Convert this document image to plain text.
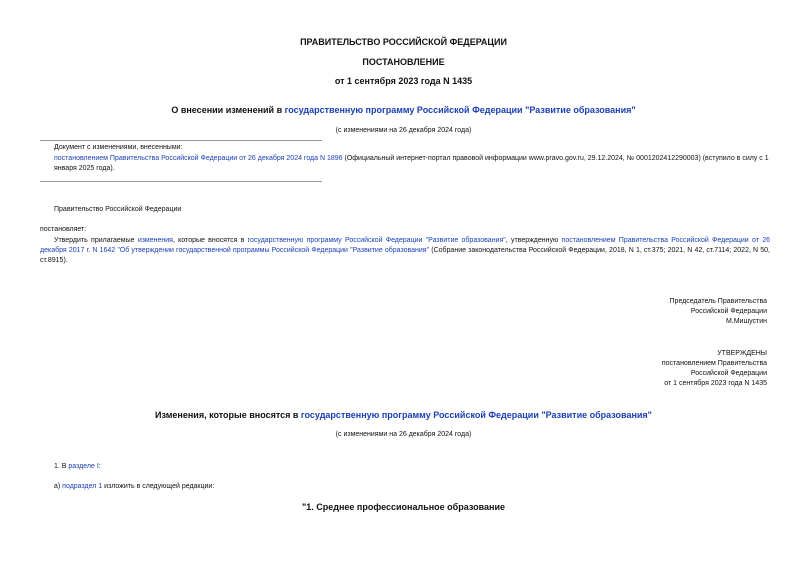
ПРАВИТЕЛЬСТВО РОССИЙСКОЙ ФЕДЕРАЦИИ
ПОСТАНОВЛЕНИЕ
от 1 сентября 2023 года N 1435
О внесении изменений в государственную программу Российской Федерации "Развитие образования"
(с изменениями на 26 декабря 2024 года)

Документ с изменениями, внесенными:

постановлением Правительства Российской Федерации от 26 декабря 2024 года N 1896 (Официальный интернет-портал правовой информации www.pravo.gov.ru, 29.12.2024, № 0001202412290003) (вступило в силу с 1 января 2025 года).

Правительство Российской Федерации
постановляет:
Утвердить прилагаемые изменения, которые вносятся в государственную программу Российской Федерации "Развитие образования", утвержденную постановлением Правительства Российской Федерации от 26 декабря 2017 г. N 1642 "Об утверждении государственной программы Российской Федерации "Развитие образования" (Собрание законодательства Российской Федерации, 2018, N 1, ст.375; 2021, N 42, ст.7114; 2022, N 50, ст.8915).

Председатель Правительства

Российской Федерации

М.Мишустин

УТВЕРЖДЕНЫ

постановлением Правительства

Российской Федерации

от 1 сентября 2023 года N 1435

Изменения, которые вносятся в государственную программу Российской Федерации "Развитие образования"
(с изменениями на 26 декабря 2024 года)
1. В разделе I:
а) подраздел 1 изложить в следующей редакции:
"1. Среднее профессиональное образование
